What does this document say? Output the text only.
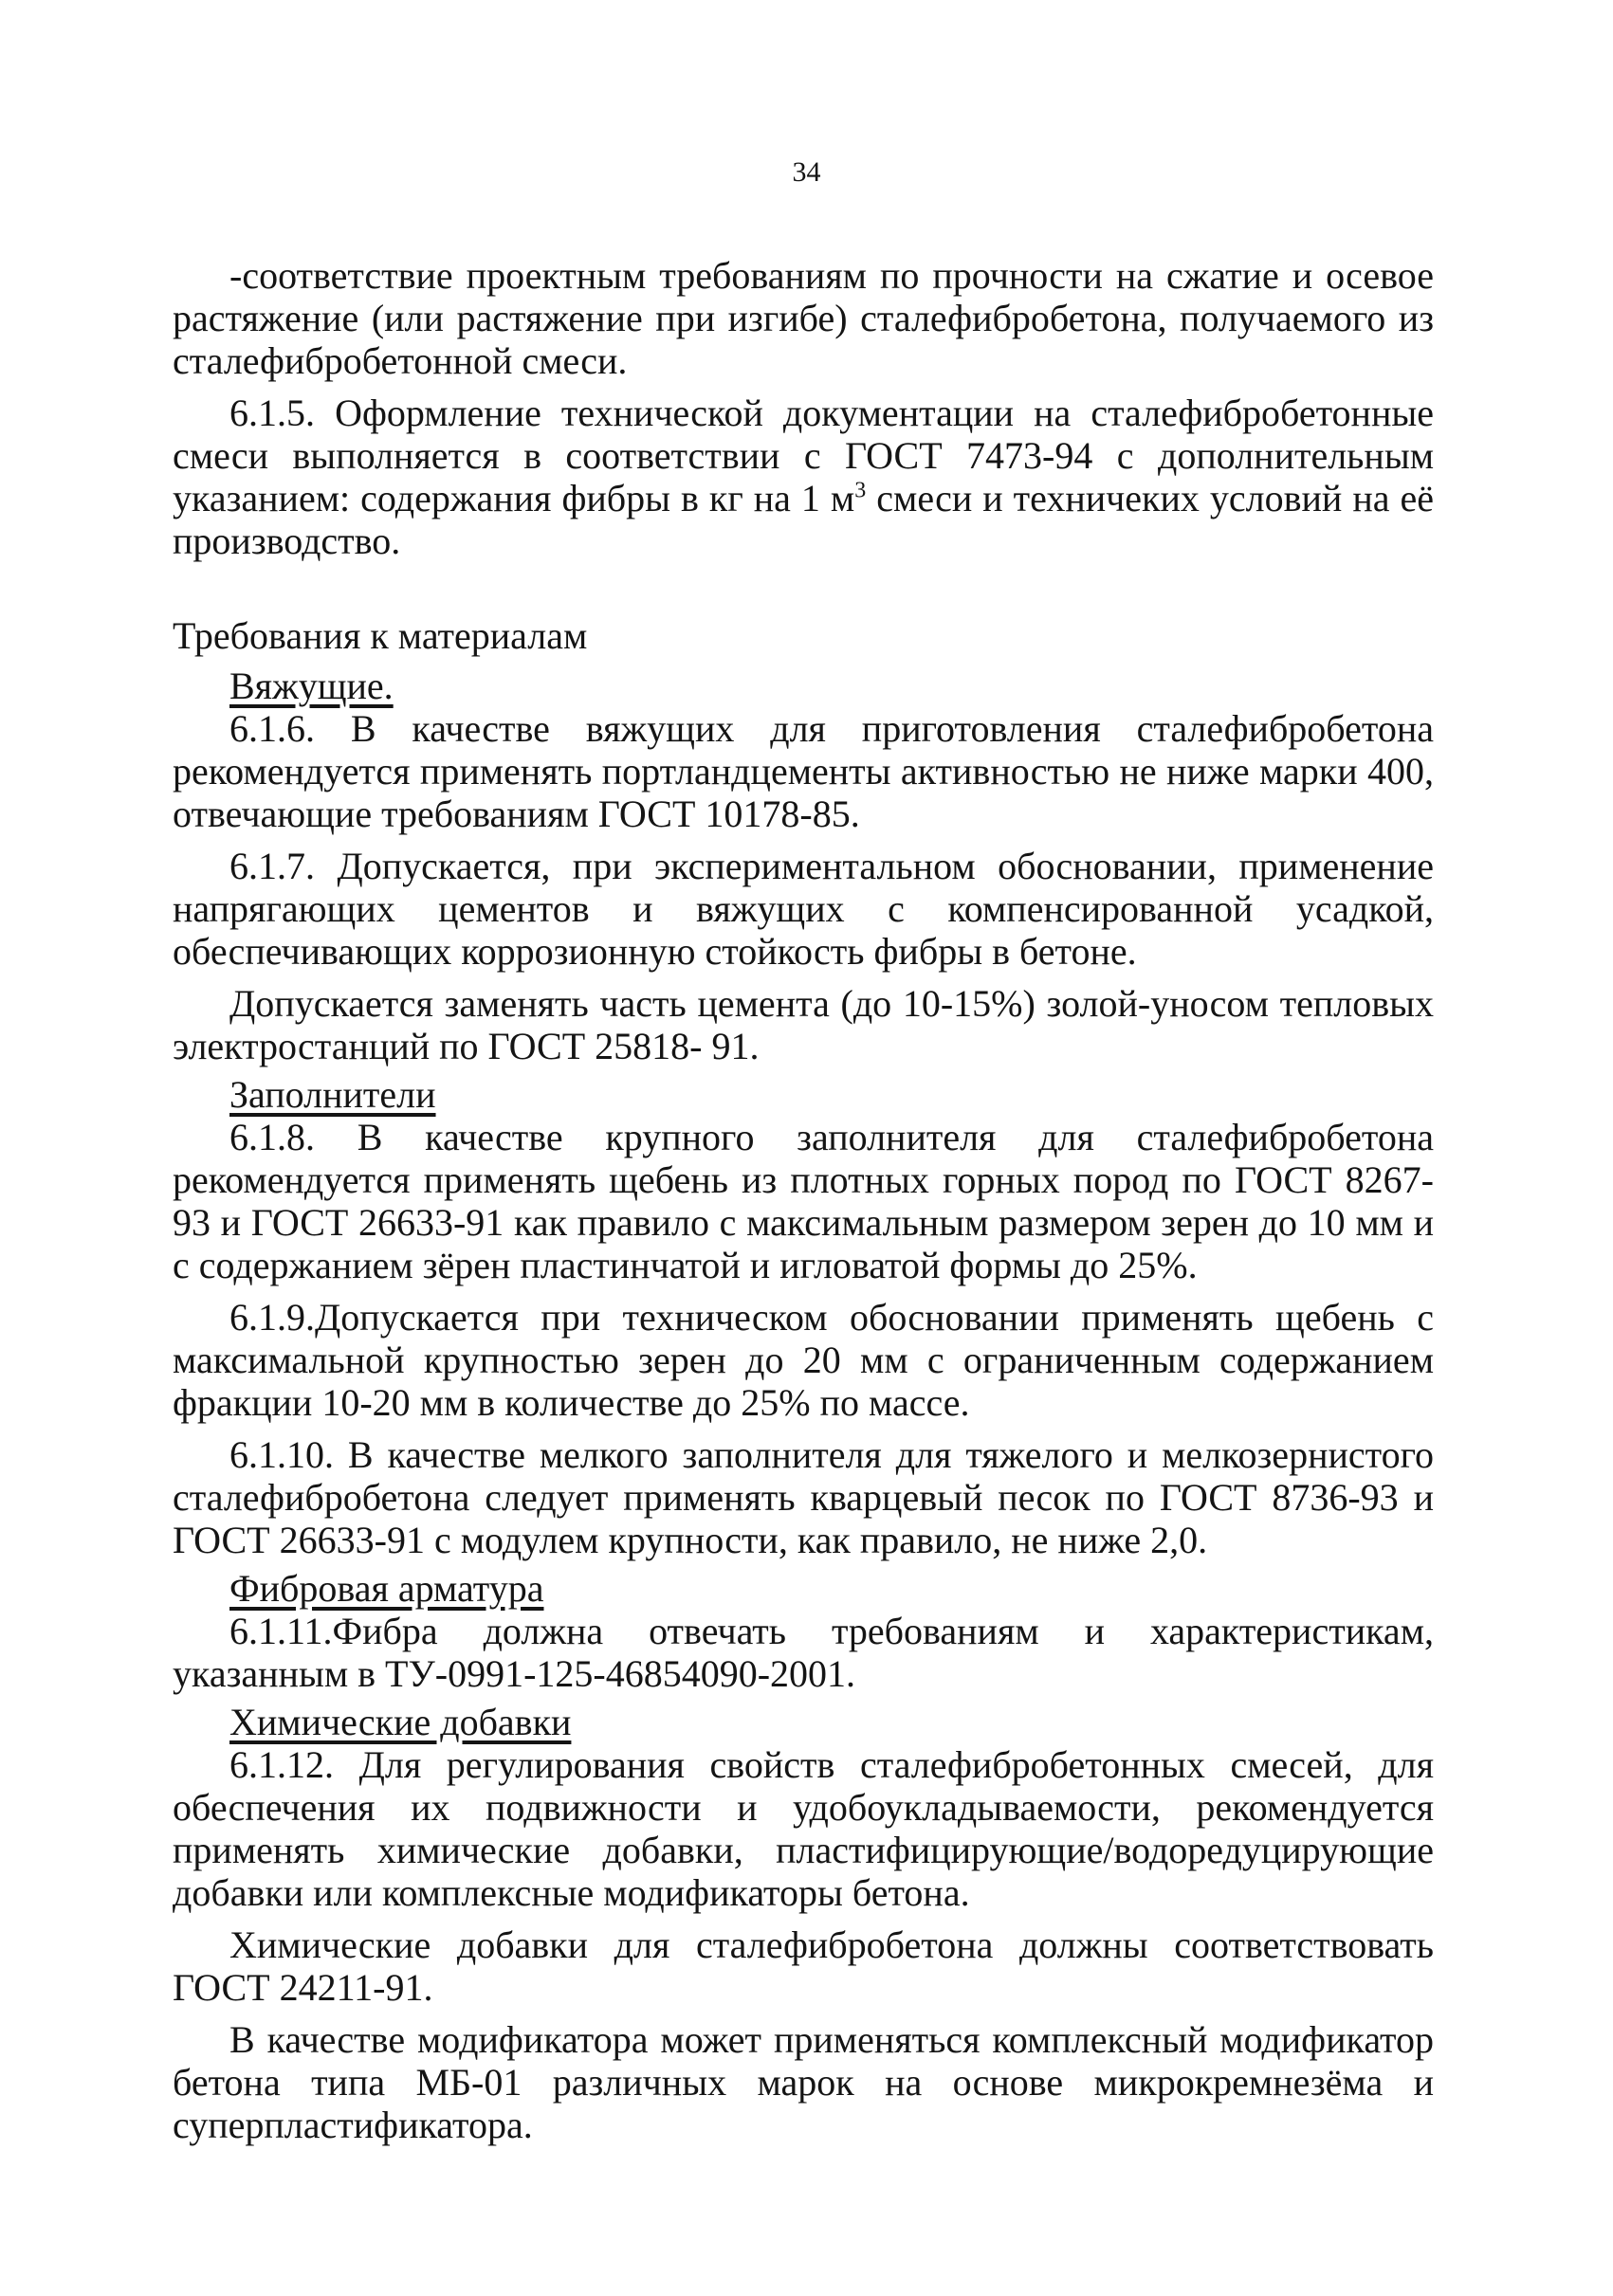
34

-соответствие проектным требованиям по прочности на сжатие и осевое растяжение (или растяжение при изгибе) сталефибробетона, получаемого из сталефибробетонной смеси.

6.1.5. Оформление технической документации на сталефибробетонные смеси выполняется в соответствии с ГОСТ 7473-94 с дополнительным указанием: содержания фибры в кг на 1 $м^3$ смеси и техничеких условий на её производство.

Требования к материалам

Вяжущие.

6.1.6. В качестве вяжущих для приготовления сталефибробетона рекомендуется применять портландцементы активностью не ниже марки 400, отвечающие требованиям ГОСТ 10178-85.

6.1.7. Допускается, при экспериментальном обосновании, применение напрягающих цементов и вяжущих с компенсированной усадкой, обеспечивающих коррозионную стойкость фибры в бетоне.

Допускается заменять часть цемента (до 10-15%) золой-уносом тепловых электростанций по ГОСТ 25818- 91.

Заполнители

6.1.8. В качестве крупного заполнителя для сталефибробетона рекомендуется применять щебень из плотных горных пород по ГОСТ 8267-93 и ГОСТ 26633-91 как правило с максимальным размером зерен до 10 мм и с содержанием зёрен пластинчатой и игловатой формы до 25%.

6.1.9.Допускается при техническом обосновании применять щебень с максимальной крупностью зерен до 20 мм с ограниченным содержанием фракции 10-20 мм в количестве до 25% по массе.

6.1.10. В качестве мелкого заполнителя для тяжелого и мелкозернистого сталефибробетона следует применять кварцевый песок по ГОСТ 8736-93 и ГОСТ 26633-91 с модулем крупности, как правило, не ниже 2,0.

Фибровая арматура

6.1.11.Фибра должна отвечать требованиям и характеристикам, указанным в ТУ-0991-125-46854090-2001.

Химические добавки

6.1.12. Для регулирования свойств сталефибробетонных смесей, для обеспечения их подвижности и удобоукладываемости, рекомендуется применять химические добавки, пластифицирующие/водоредуцирующие добавки или комплексные модификаторы бетона.

Химические добавки для сталефибробетона должны соответствовать ГОСТ 24211-91.

В качестве модификатора может применяться комплексный модификатор бетона типа МБ-01 различных марок на основе микрокремнезёма и суперпластификатора.
